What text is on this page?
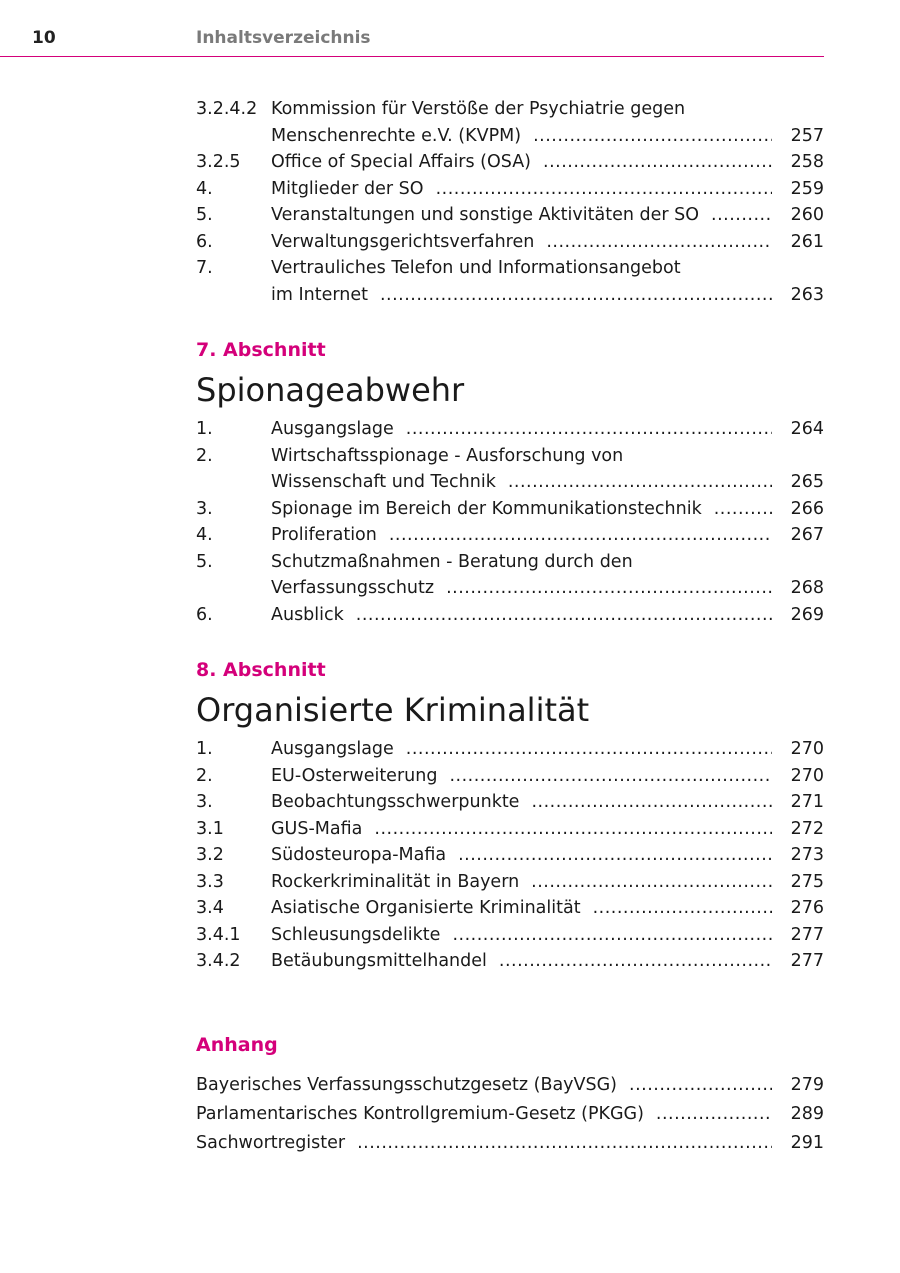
10	Inhaltsverzeichnis
3.2.4.2 Kommission für Verstöße der Psychiatrie gegen
Menschenrechte e.V. (KVPM) .....	257
3.2.5	Office of Special Affairs (OSA) .....	258
4.	Mitglieder der SO .....	259
5.	Veranstaltungen und sonstige Aktivitäten der SO .....	260
6.	Verwaltungsgerichtsverfahren .....	261
7.	Vertrauliches Telefon und Informationsangebot
im Internet .....	263
7. Abschnitt
Spionageabwehr
1.	Ausgangslage .....	264
2.	Wirtschaftsspionage - Ausforschung von
Wissenschaft und Technik .....	265
3.	Spionage im Bereich der Kommunikationstechnik .....	266
4.	Proliferation .....	267
5.	Schutzmaßnahmen - Beratung durch den
Verfassungsschutz .....	268
6.	Ausblick .....	269
8. Abschnitt
Organisierte Kriminalität
1.	Ausgangslage .....	270
2.	EU-Osterweiterung .....	270
3.	Beobachtungsschwerpunkte .....	271
3.1	GUS-Mafia .....	272
3.2	Südosteuropa-Mafia .....	273
3.3	Rockerkriminalität in Bayern .....	275
3.4	Asiatische Organisierte Kriminalität .....	276
3.4.1	Schleusungsdelikte .....	277
3.4.2	Betäubungsmittelhandel .....	277
Anhang
Bayerisches Verfassungsschutzgesetz (BayVSG) .....	279
Parlamentarisches Kontrollgremium-Gesetz (PKGG) .....	289
Sachwortregister .....	291
